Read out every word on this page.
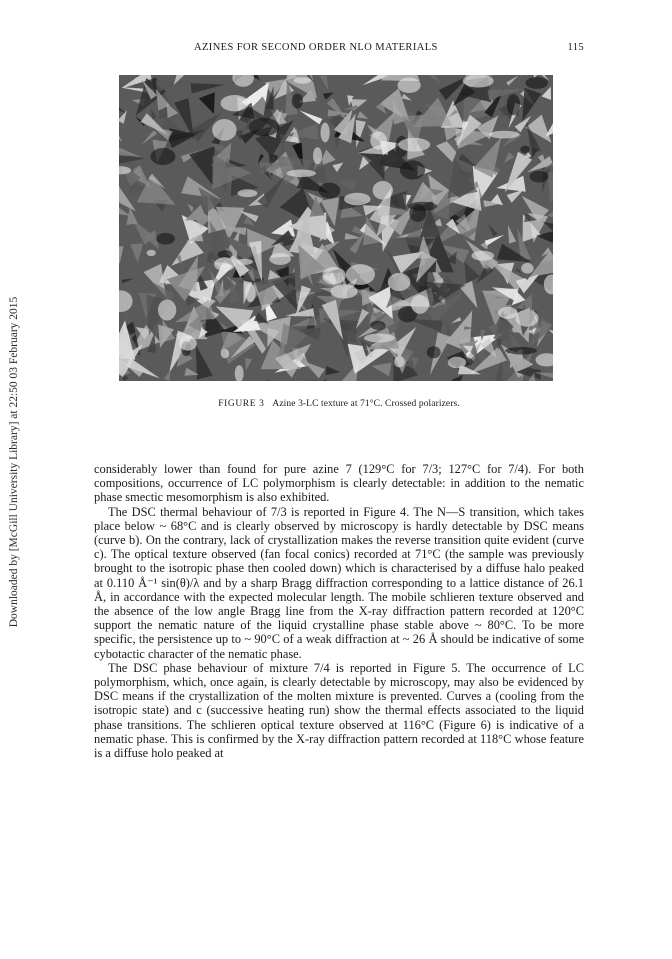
AZINES FOR SECOND ORDER NLO MATERIALS	115
Downloaded by [McGill University Library] at 22:50 03 February 2015	FIGURE 3 Azine 3-LC texture at 71°C. Crossed polarizers.

considerably lower than found for pure azine 7 (129°C for 7/3; 127°C for 7/4). For both compositions, occurrence of LC polymorphism is clearly detectable: in addition to the nematic phase smectic mesomorphism is also exhibited.

The DSC thermal behaviour of 7/3 is reported in Figure 4. The N—S transition, which takes place below ~ 68°C and is clearly observed by microscopy is hardly detectable by DSC means (curve b). On the contrary, lack of crystallization makes the reverse transition quite evident (curve c). The optical texture observed (fan focal conics) recorded at 71°C (the sample was previously brought to the isotropic phase then cooled down) which is characterised by a diffuse halo peaked at 0.110 Å⁻¹ sin(θ)/λ and by a sharp Bragg diffraction corresponding to a lattice distance of 26.1 Å, in accordance with the expected molecular length. The mobile schlieren texture observed and the absence of the low angle Bragg line from the X-ray diffraction pattern recorded at 120°C support the nematic nature of the liquid crystalline phase stable above ~ 80°C. To be more specific, the persistence up to ~ 90°C of a weak diffraction at ~ 26 Å should be indicative of some cybotactic character of the nematic phase.

The DSC phase behaviour of mixture 7/4 is reported in Figure 5. The occurrence of LC polymorphism, which, once again, is clearly detectable by microscopy, may also be evidenced by DSC means if the crystallization of the molten mixture is prevented. Curves a (cooling from the isotropic state) and c (successive heating run) show the thermal effects associated to the liquid phase transitions. The schlieren optical texture observed at 116°C (Figure 6) is indicative of a nematic phase. This is confirmed by the X-ray diffraction pattern recorded at 118°C whose feature is a diffuse holo peaked at
